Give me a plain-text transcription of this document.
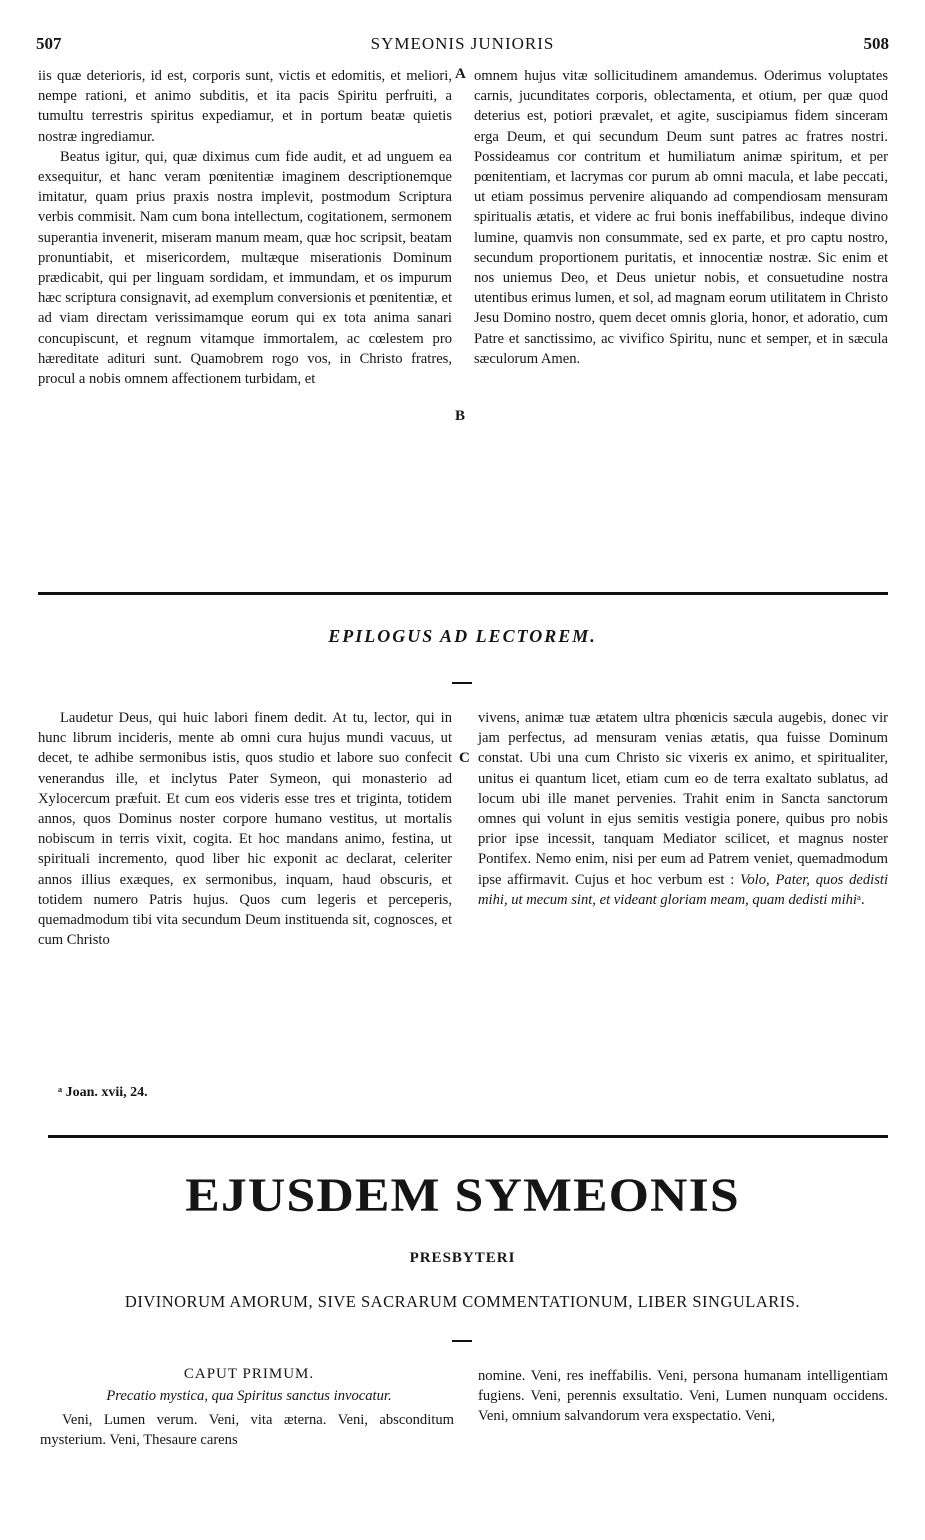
507	SYMEONIS JUNIORIS	508

iis quæ deterioris, id est, corporis sunt, victis et edomitis, et meliori, nempe rationi, et animo subditis, et ita pacis Spiritu perfruiti, a tumultu terrestris spiritus expediamur, et in portum beatæ quietis nostræ ingrediamur.

Beatus igitur, qui, quæ diximus cum fide audit, et ad unguem ea exsequitur, et hanc veram pœnitentiæ imaginem descriptionemque imitatur, quam prius praxis nostra implevit, postmodum Scriptura verbis commisit. Nam cum bona intellectum, cogitationem, sermonem superantia invenerit, miseram manum meam, quæ hoc scripsit, beatam pronuntiabit, et misericordem, multæque miserationis Dominum prædicabit, qui per linguam sordidam, et immundam, et os impurum hæc scriptura consignavit, ad exemplum conversionis et pœnitentiæ, et ad viam directam verissimamque eorum qui ex tota anima sanari concupiscunt, et regnum vitamque immortalem, ac cœlestem pro hæreditate adituri sunt. Quamobrem rogo vos, in Christo fratres, procul a nobis omnem affectionem turbidam, et

A
B

omnem hujus vitæ sollicitudinem amandemus. Oderimus voluptates carnis, jucunditates corporis, oblectamenta, et otium, per quæ quod deterius est, potiori prævalet, et agite, suscipiamus fidem sinceram erga Deum, et qui secundum Deum sunt patres ac fratres nostri. Possideamus cor contritum et humiliatum animæ spiritum, et per pœnitentiam, et lacrymas cor purum ab omni macula, et labe peccati, ut etiam possimus pervenire aliquando ad compendiosam mensuram spiritualis ætatis, et videre ac frui bonis ineffabilibus, indeque divino lumine, quamvis non consummate, sed ex parte, et pro captu nostro, secundum proportionem puritatis, et innocentiæ nostræ. Sic enim et nos uniemus Deo, et Deus unietur nobis, et consuetudine nostra utentibus erimus lumen, et sol, ad magnam eorum utilitatem in Christo Jesu Domino nostro, quem decet omnis gloria, honor, et adoratio, cum Patre et sanctissimo, ac vivifico Spiritu, nunc et semper, et in sæcula sæculorum Amen.

EPILOGUS AD LECTOREM.

Laudetur Deus, qui huic labori finem dedit. At tu, lector, qui in hunc librum incideris, mente ab omni cura hujus mundi vacuus, ut decet, te adhibe sermonibus istis, quos studio et labore suo confecit venerandus ille, et inclytus Pater Symeon, qui monasterio ad Xylocercum præfuit. Et cum eos videris esse tres et triginta, totidem annos, quos Dominus noster corpore humano vestitus, ut mortalis nobiscum in terris vixit, cogita. Et hoc mandans animo, festina, ut spirituali incremento, quod liber hic exponit ac declarat, celeriter annos illius exæques, ex sermonibus, inquam, haud obscuris, et totidem numero Patris hujus. Quos cum legeris et perceperis, quemadmodum tibi vita secundum Deum instituenda sit, cognosces, et cum Christo

C

vivens, animæ tuæ ætatem ultra phœnicis sæcula augebis, donec vir jam perfectus, ad mensuram venias ætatis, qua fuisse Dominum constat. Ubi una cum Christo sic vixeris ex animo, et spiritualiter, unitus ei quantum licet, etiam cum eo de terra exaltato sublatus, ad locum ubi ille manet pervenies. Trahit enim in Sancta sanctorum omnes qui volunt in ejus semitis vestigia ponere, quibus pro nobis prior ipse incessit, tanquam Mediator scilicet, et magnus noster Pontifex. Nemo enim, nisi per eum ad Patrem veniet, quemadmodum ipse affirmavit. Cujus et hoc verbum est : Volo, Pater, quos dedisti mihi, ut mecum sint, et videant gloriam meam, quam dedisti mihiᵃ.

ᵃ Joan. xvii, 24.
EJUSDEM SYMEONIS
PRESBYTERI
DIVINORUM AMORUM, SIVE SACRARUM COMMENTATIONUM, LIBER SINGULARIS.
CAPUT PRIMUM.
Precatio mystica, qua Spiritus sanctus invocatur.

Veni, Lumen verum. Veni, vita æterna. Veni, absconditum mysterium. Veni, Thesaure carens

nomine. Veni, res ineffabilis. Veni, persona humanam intelligentiam fugiens. Veni, perennis exsultatio. Veni, Lumen nunquam occidens. Veni, omnium salvandorum vera exspectatio. Veni,
